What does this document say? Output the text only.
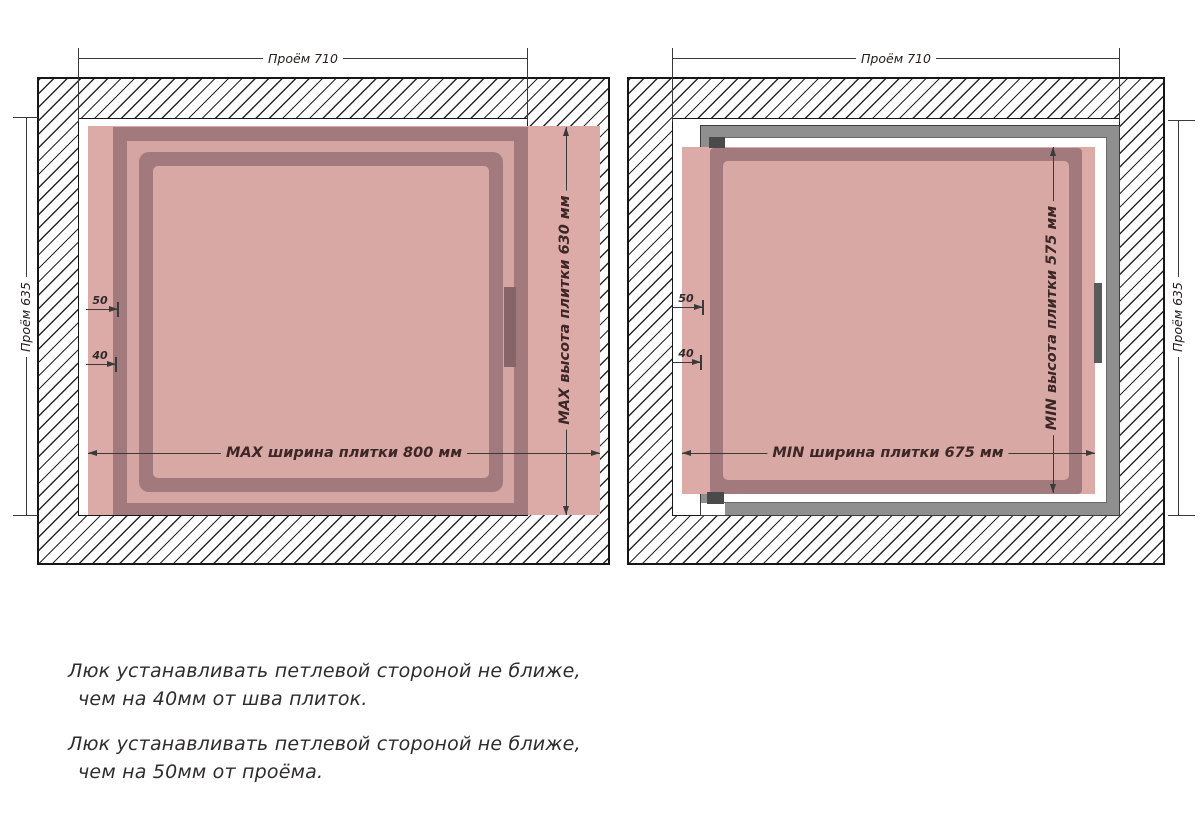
Проём 710
Проём 635
MAX ширина плитки 800 мм
MAX высота плитки 630 мм
50
40
Проём 710
Проём 635
MIN ширина плитки 675 мм
MIN высота плитки 575 мм
50
40
Люк устанавливать петлевой стороной не ближе,
чем на 40мм от шва плиток.
Люк устанавливать петлевой стороной не ближе,
чем на 50мм от проёма.
